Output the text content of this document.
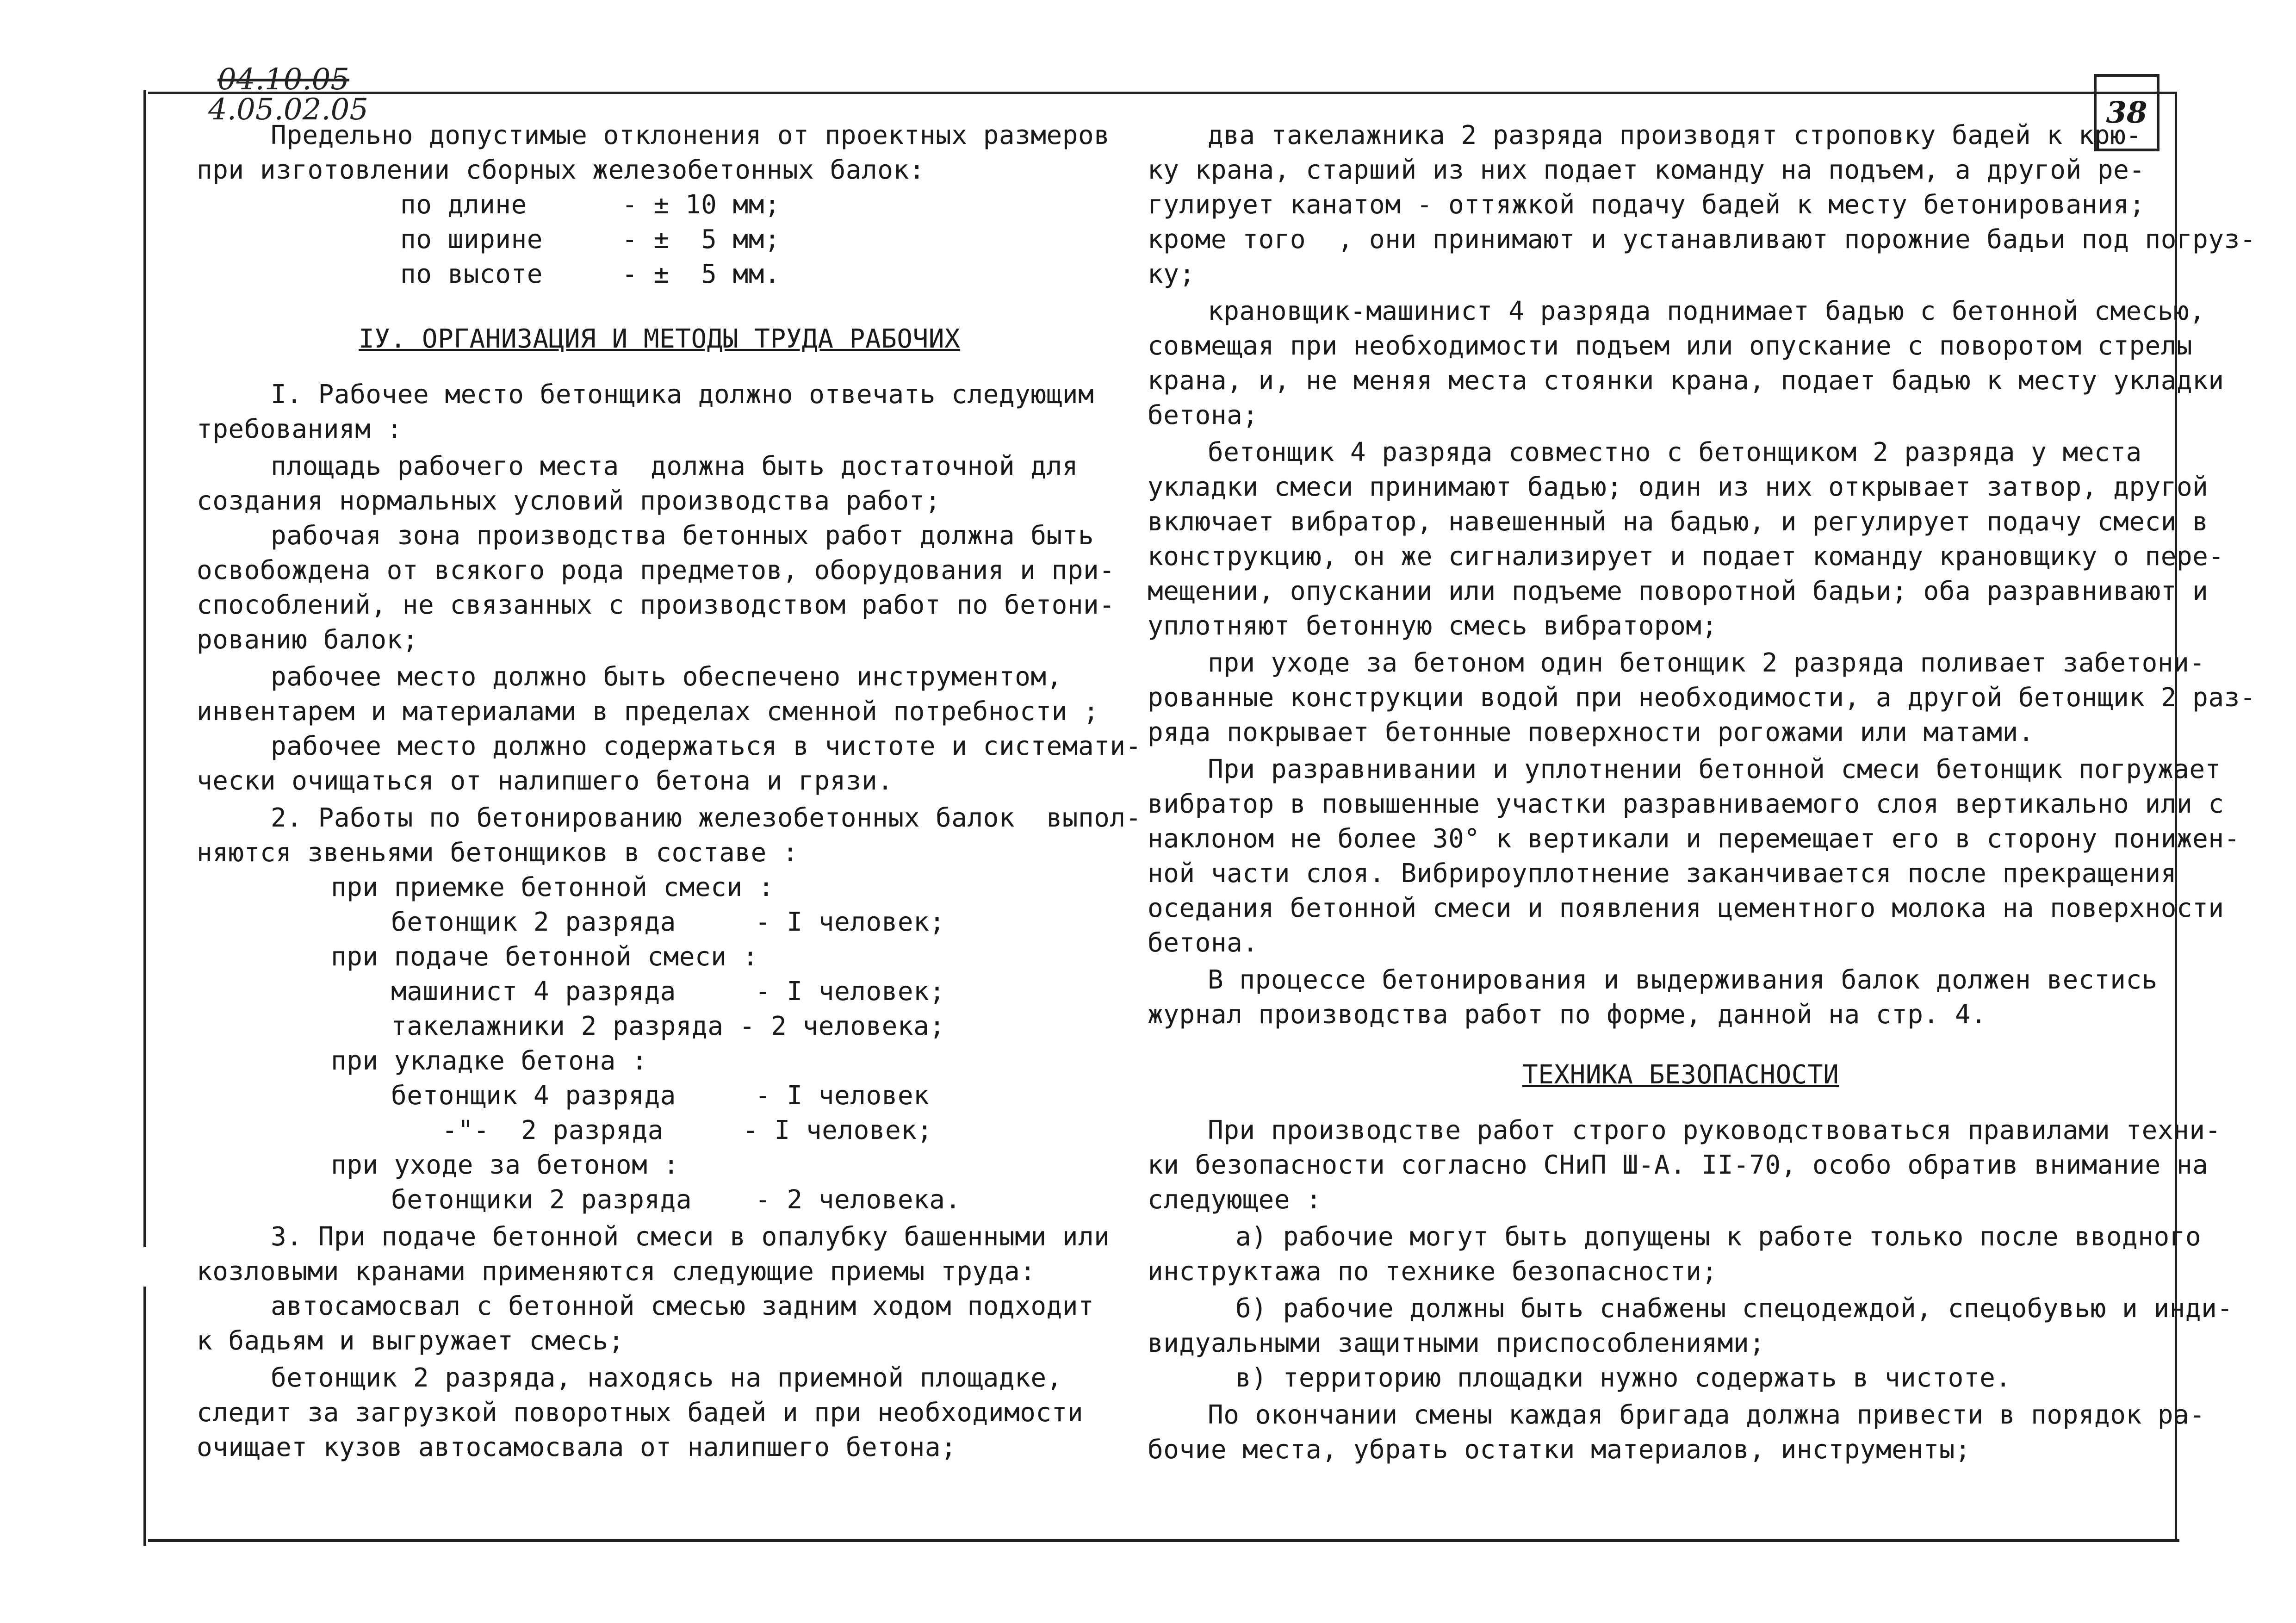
04.10.05
4.05.02.05	38
Предельно допустимые отклонения от проектных размеров
при изготовлении сборных железобетонных балок:
по длине      - ± 10 мм;
по ширине     - ±  5 мм;
по высоте     - ±  5 мм.
IУ. ОРГАНИЗАЦИЯ И МЕТОДЫ ТРУДА РАБОЧИХ
I. Рабочее место бетонщика должно отвечать следующим
требованиям :
площадь рабочего места  должна быть достаточной для
создания нормальных условий производства работ;
рабочая зона производства бетонных работ должна быть
освобождена от всякого рода предметов, оборудования и при-
способлений, не связанных с производством работ по бетони-
рованию балок;
рабочее место должно быть обеспечено инструментом,
инвентарем и материалами в пределах сменной потребности ;
рабочее место должно содержаться в чистоте и системати-
чески очищаться от налипшего бетона и грязи.
2. Работы по бетонированию железобетонных балок  выпол-
няются звеньями бетонщиков в составе :
при приемке бетонной смеси :
бетонщик 2 разряда     - I человек;
при подаче бетонной смеси :
машинист 4 разряда     - I человек;
такелажники 2 разряда - 2 человека;
при укладке бетона :
бетонщик 4 разряда     - I человек
-"-  2 разряда     - I человек;
при уходе за бетоном :
бетонщики 2 разряда    - 2 человека.
3. При подаче бетонной смеси в опалубку башенными или
козловыми кранами применяются следующие приемы труда:
автосамосвал с бетонной смесью задним ходом подходит
к бадьям и выгружает смесь;
бетонщик 2 разряда, находясь на приемной площадке,
следит за загрузкой поворотных бадей и при необходимости
очищает кузов автосамосвала от налипшего бетона;
два такелажника 2 разряда производят строповку бадей к крю-
ку крана, старший из них подает команду на подъем, а другой ре-
гулирует канатом - оттяжкой подачу бадей к месту бетонирования;
кроме того  , они принимают и устанавливают порожние бадьи под погруз-
ку;
крановщик-машинист 4 разряда поднимает бадью с бетонной смесью,
совмещая при необходимости подъем или опускание с поворотом стрелы
крана, и, не меняя места стоянки крана, подает бадью к месту укладки
бетона;
бетонщик 4 разряда совместно с бетонщиком 2 разряда у места
укладки смеси принимают бадью; один из них открывает затвор, другой
включает вибратор, навешенный на бадью, и регулирует подачу смеси в
конструкцию, он же сигнализирует и подает команду крановщику о пере-
мещении, опускании или подъеме поворотной бадьи; оба разравнивают и
уплотняют бетонную смесь вибратором;
при уходе за бетоном один бетонщик 2 разряда поливает забетони-
рованные конструкции водой при необходимости, а другой бетонщик 2 раз-
ряда покрывает бетонные поверхности рогожами или матами.
При разравнивании и уплотнении бетонной смеси бетонщик погружает
вибратор в повышенные участки разравниваемого слоя вертикально или с
наклоном не более 30° к вертикали и перемещает его в сторону понижен-
ной части слоя. Вибрироуплотнение заканчивается после прекращения
оседания бетонной смеси и появления цементного молока на поверхности
бетона.
В процессе бетонирования и выдерживания балок должен вестись
журнал производства работ по форме, данной на стр. 4.
ТЕХНИКА БЕЗОПАСНОСТИ
При производстве работ строго руководствоваться правилами техни-
ки безопасности согласно СНиП Ш-А. II-70, особо обратив внимание на
следующее :
а) рабочие могут быть допущены к работе только после вводного
инструктажа по технике безопасности;
б) рабочие должны быть снабжены спецодеждой, спецобувью и инди-
видуальными защитными приспособлениями;
в) территорию площадки нужно содержать в чистоте.
По окончании смены каждая бригада должна привести в порядок ра-
бочие места, убрать остатки материалов, инструменты;
